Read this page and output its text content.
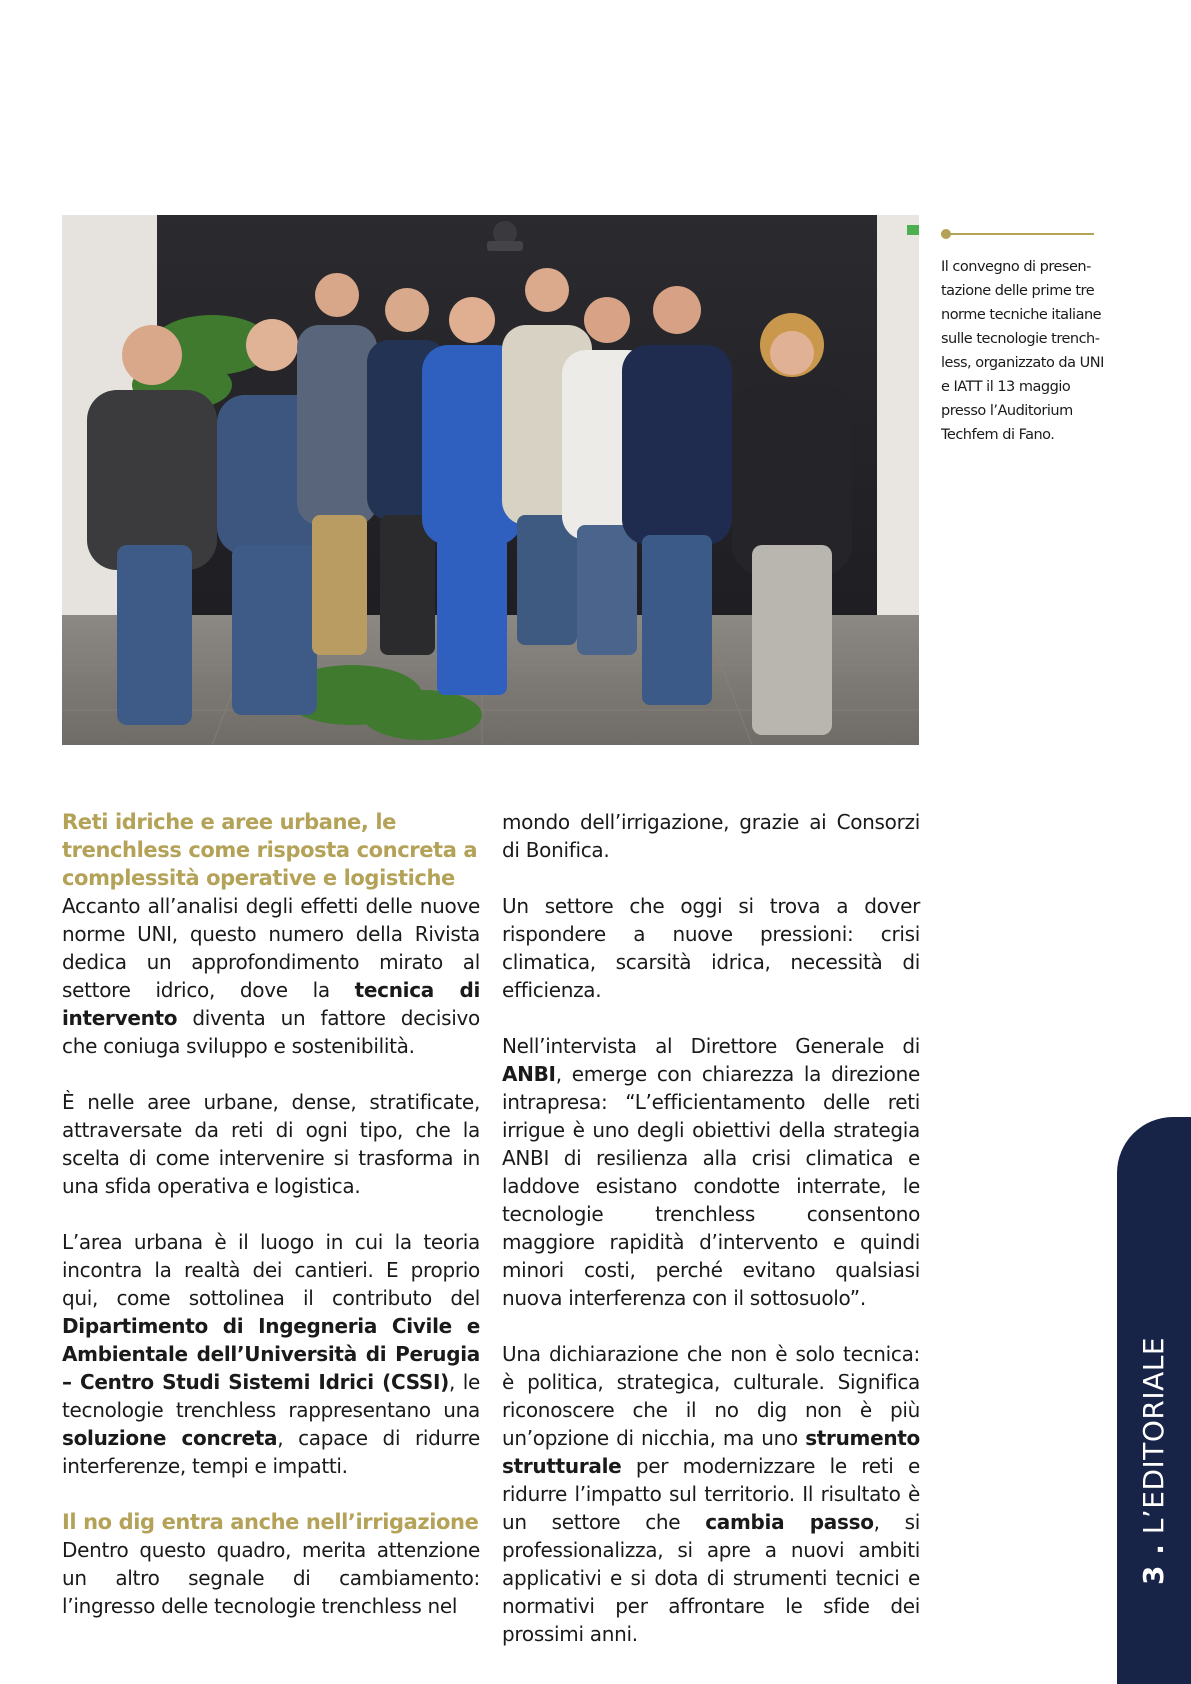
Il convegno di presen-
tazione delle prime tre
norme tecniche italiane
sulle tecnologie trench-
less, organizzato da UNI
e IATT il 13 maggio
presso l’Auditorium
Techfem di Fano.
Reti idriche e aree urbane, le trenchless come risposta concreta a complessità operative e logistiche

Accanto all’analisi degli effetti delle nuove norme UNI, questo numero della Rivista dedica un approfondimento mirato al settore idrico, dove la tecnica di intervento diventa un fattore decisivo che coniuga sviluppo e sostenibilità.

È nelle aree urbane, dense, stratificate, attraversate da reti di ogni tipo, che la scelta di come intervenire si trasforma in una sfida operativa e logistica.

L’area urbana è il luogo in cui la teoria incontra la realtà dei cantieri. E proprio qui, come sottolinea il contributo del Dipartimento di Ingegneria Civile e Ambientale dell’Università di Perugia – Centro Studi Sistemi Idrici (CSSI), le tecnologie trenchless rappresentano una soluzione concreta, capace di ridurre interferenze, tempi e impatti.

Il no dig entra anche nell’irrigazione

Dentro questo quadro, merita attenzione un altro segnale di cambiamento: l’ingresso delle tecnologie trenchless nel

mondo dell’irrigazione, grazie ai Consorzi di Bonifica.

Un settore che oggi si trova a dover rispondere a nuove pressioni: crisi climatica, scarsità idrica, necessità di efficienza.

Nell’intervista al Direttore Generale di ANBI, emerge con chiarezza la direzione intrapresa: “L’efficientamento delle reti irrigue è uno degli obiettivi della strategia ANBI di resilienza alla crisi climatica e laddove esistano condotte interrate, le tecnologie trenchless consentono maggiore rapidità d’intervento e quindi minori costi, perché evitano qualsiasi nuova interferenza con il sottosuolo”.

Una dichiarazione che non è solo tecnica: è politica, strategica, culturale. Significa riconoscere che il no dig non è più un’opzione di nicchia, ma uno strumento strutturale per modernizzare le reti e ridurre l’impatto sul territorio. Il risultato è un settore che cambia passo, si professionalizza, si apre a nuovi ambiti applicativi e si dota di strumenti tecnici e normativi per affrontare le sfide dei prossimi anni.

3 . L’EDITORIALE
